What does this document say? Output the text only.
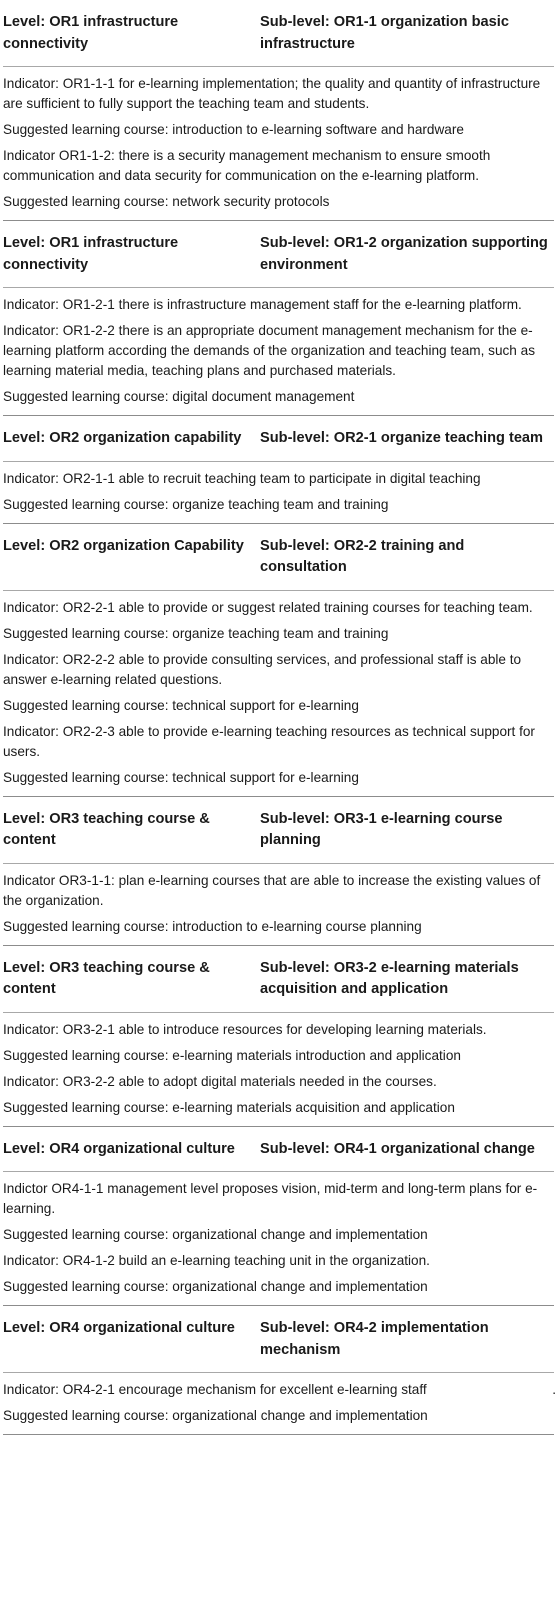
Level: OR1 infrastructure connectivity
Sub-level: OR1-1 organization basic infrastructure
Indicator: OR1-1-1 for e-learning implementation; the quality and quantity of infrastructure are sufficient to fully support the teaching team and students.
Suggested learning course: introduction to e-learning software and hardware
Indicator OR1-1-2: there is a security management mechanism to ensure smooth communication and data security for communication on the e-learning platform.
Suggested learning course: network security protocols
Level: OR1 infrastructure connectivity
Sub-level: OR1-2 organization supporting environment
Indicator: OR1-2-1 there is infrastructure management staff for the e-learning platform.
Indicator: OR1-2-2 there is an appropriate document management mechanism for the e-learning platform according the demands of the organization and teaching team, such as learning material media, teaching plans and purchased materials.
Suggested learning course: digital document management
Level: OR2 organization capability	Sub-level: OR2-1 organize teaching team
Indicator: OR2-1-1 able to recruit teaching team to participate in digital teaching
Suggested learning course: organize teaching team and training
Level: OR2 organization Capability	Sub-level: OR2-2 training and consultation
Indicator: OR2-2-1 able to provide or suggest related training courses for teaching team.
Suggested learning course: organize teaching team and training
Indicator: OR2-2-2 able to provide consulting services, and professional staff is able to answer e-learning related questions.
Suggested learning course: technical support for e-learning
Indicator: OR2-2-3 able to provide e-learning teaching resources as technical support for users.
Suggested learning course: technical support for e-learning
Level: OR3 teaching course & content
Sub-level: OR3-1 e-learning course planning
Indicator OR3-1-1: plan e-learning courses that are able to increase the existing values of the organization.
Suggested learning course: introduction to e-learning course planning
Level: OR3 teaching course & content
Sub-level: OR3-2 e-learning materials acquisition and application
Indicator: OR3-2-1 able to introduce resources for developing learning materials.
Suggested learning course: e-learning materials introduction and application
Indicator: OR3-2-2 able to adopt digital materials needed in the courses.
Suggested learning course: e-learning materials acquisition and application
Level: OR4 organizational culture	Sub-level: OR4-1 organizational change
Indictor OR4-1-1 management level proposes vision, mid-term and long-term plans for e-learning.
Suggested learning course: organizational change and implementation
Indicator: OR4-1-2 build an e-learning teaching unit in the organization.
Suggested learning course: organizational change and implementation
Level: OR4 organizational culture	Sub-level: OR4-2 implementation mechanism
Indicator: OR4-2-1 encourage mechanism for excellent e-learning staff	.
Suggested learning course: organizational change and implementation
